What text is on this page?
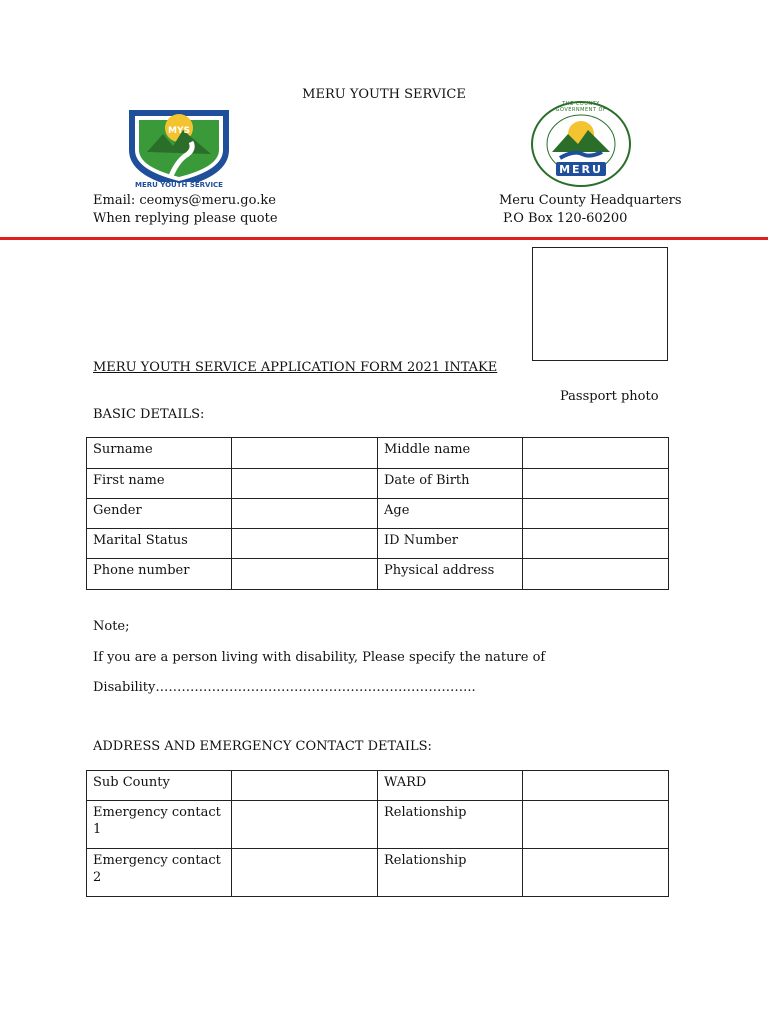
MERU YOUTH SERVICE
MYS
MERU YOUTH SERVICE
THE COUNTY GOVERNMENT OF
MERU
Email: ceomys@meru.go.ke
When replying please quote
Meru County Headquarters
P.O Box 120-60200
MERU YOUTH SERVICE APPLICATION FORM 2021 INTAKE
Passport photo
BASIC DETAILS:
Surname		Middle name	
First name		Date of Birth	
Gender		Age	
Marital Status		ID Number	
Phone number		Physical address	
Note;
If you are a person living with disability, Please specify the nature of
Disability………………………………………………………………..
ADDRESS AND EMERGENCY CONTACT DETAILS:
Sub County		WARD	
Emergency contact 1		Relationship	
Emergency contact 2		Relationship	
